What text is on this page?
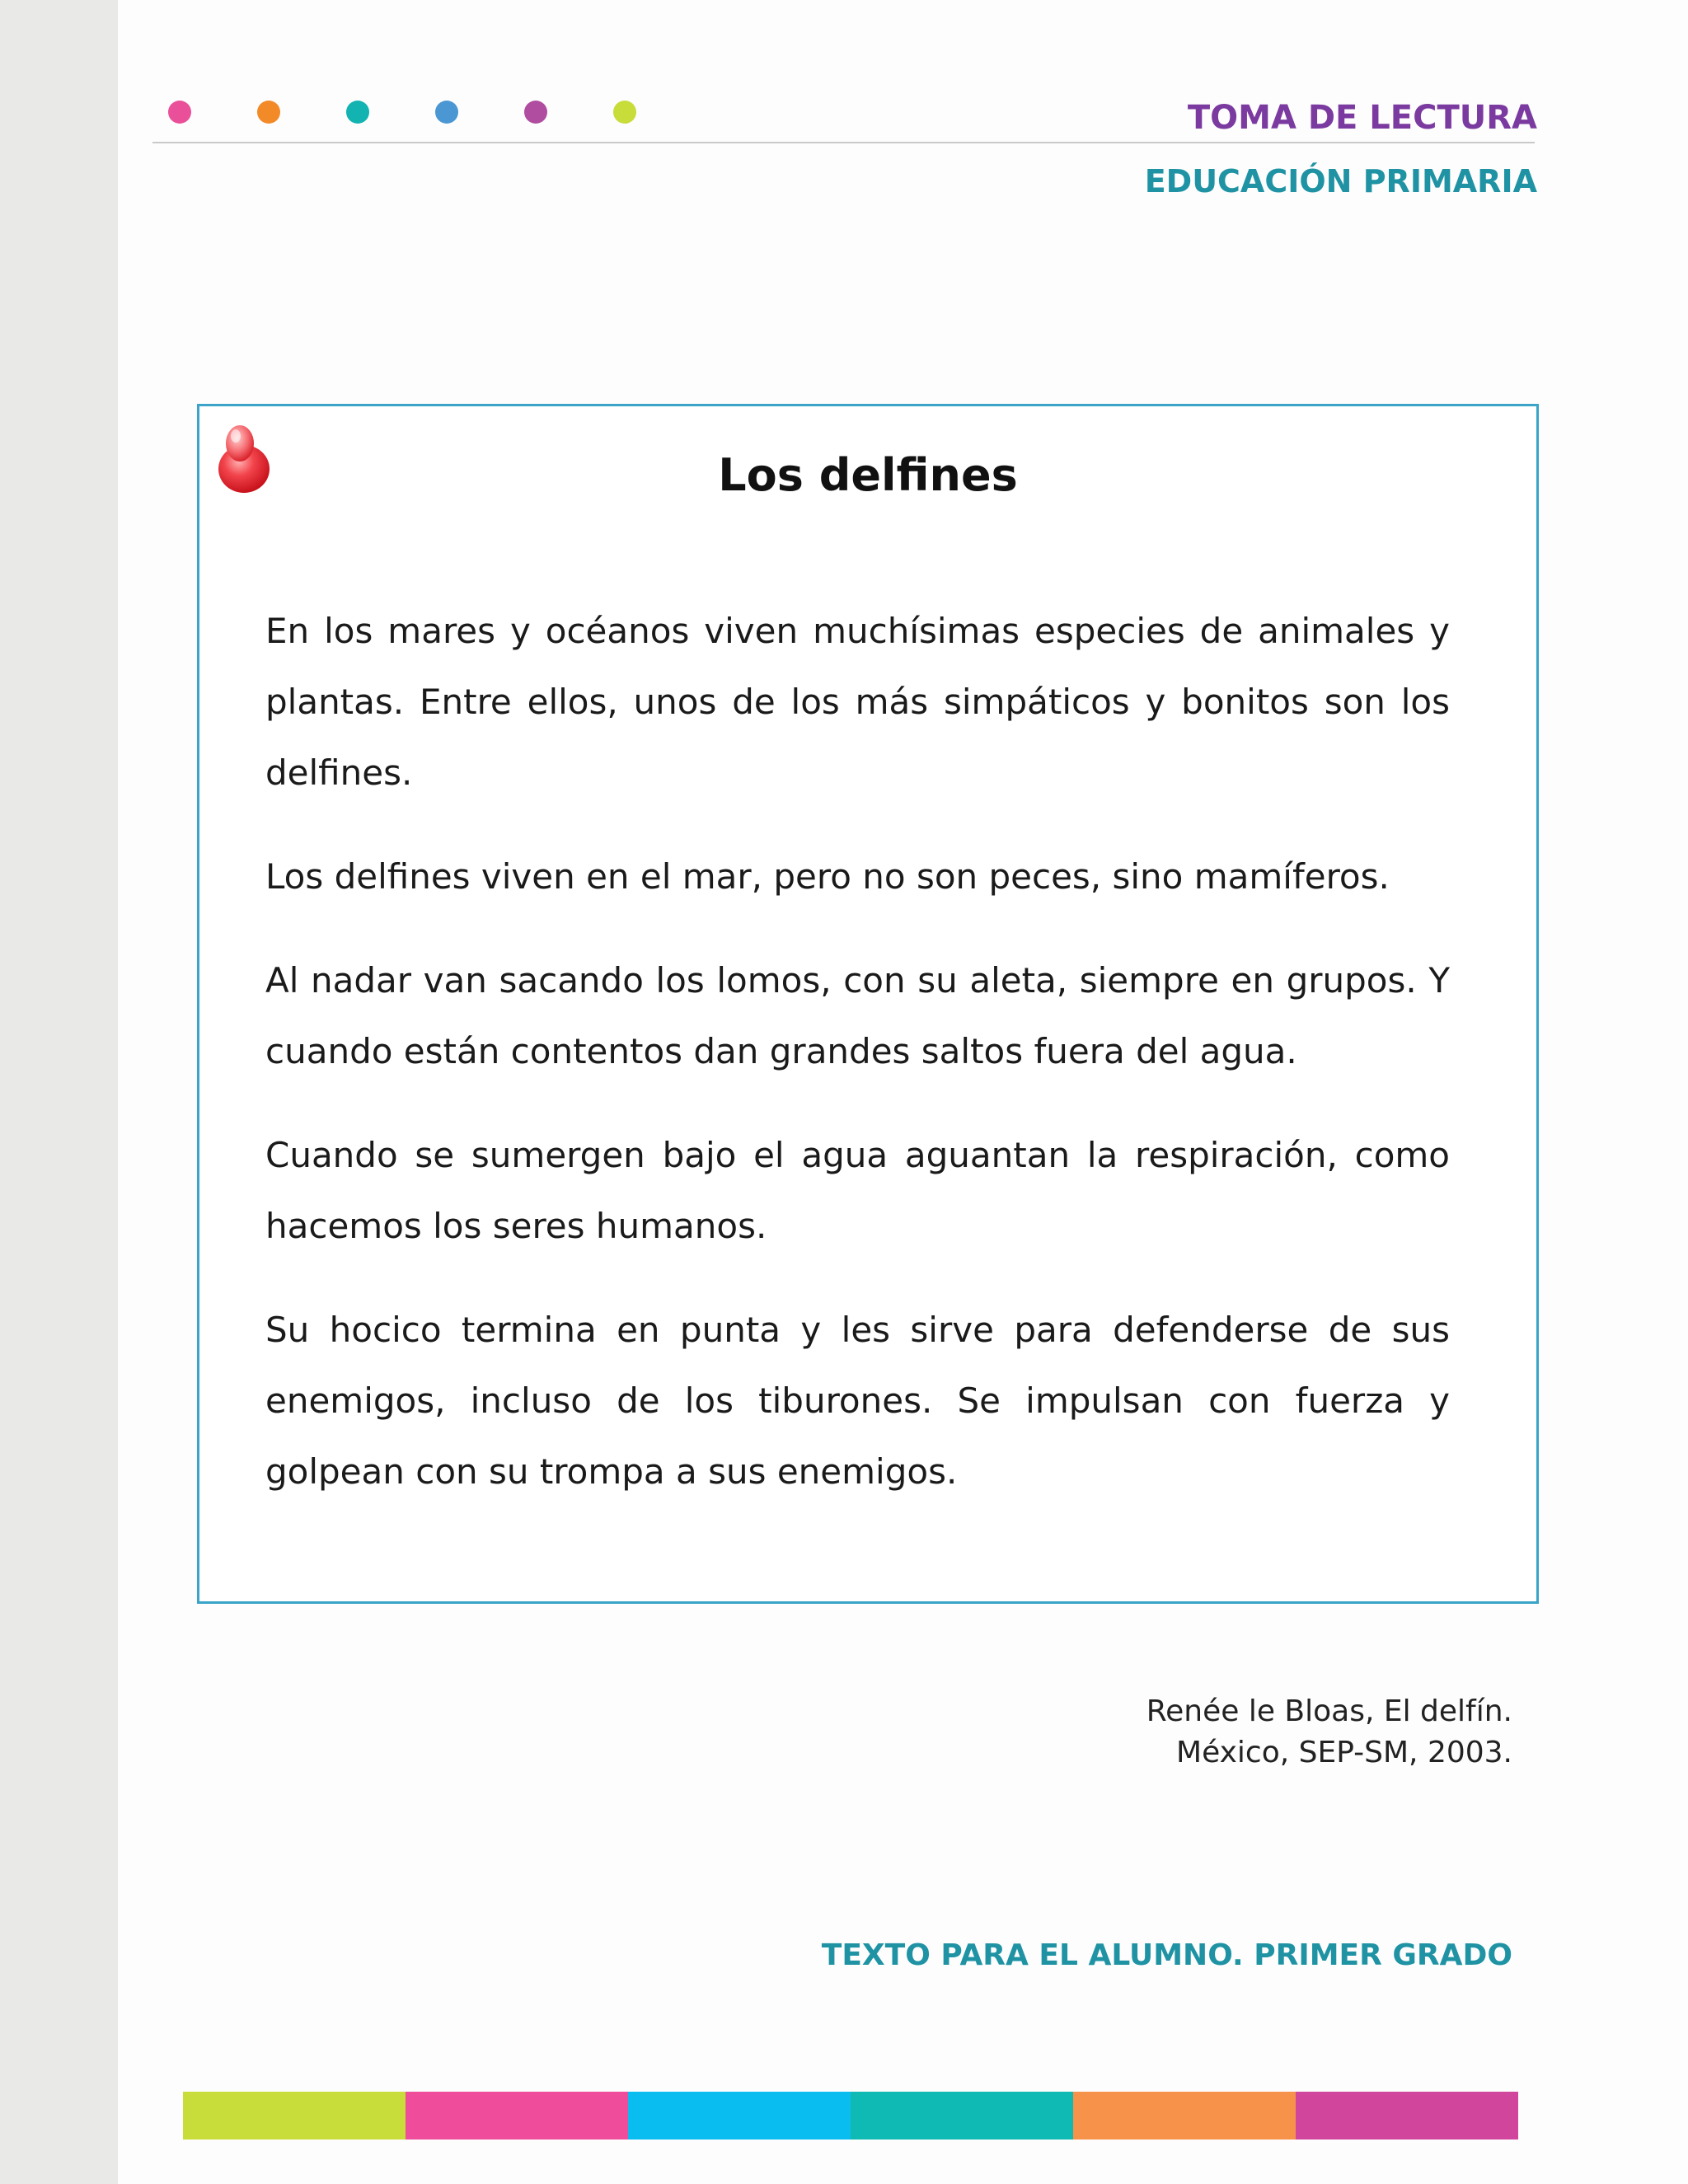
TOMA DE LECTURA
EDUCACIÓN PRIMARIA
Los delfines

En los mares y océanos viven muchísimas especies de animales y plantas. Entre ellos, unos de los más simpáticos y bonitos son los delfines.

Los delfines viven en el mar, pero no son peces, sino mamíferos.

Al nadar van sacando los lomos, con su aleta, siempre en grupos. Y cuando están contentos dan grandes saltos fuera del agua.

Cuando se sumergen bajo el agua aguantan la respiración, como hacemos los seres humanos.

Su hocico termina en punta y les sirve para defenderse de sus enemigos, incluso de los tiburones. Se impulsan con fuerza y golpean con su trompa a sus enemigos.

Renée le Bloas, El delfín.
México, SEP-SM, 2003.
TEXTO PARA EL ALUMNO. PRIMER GRADO
